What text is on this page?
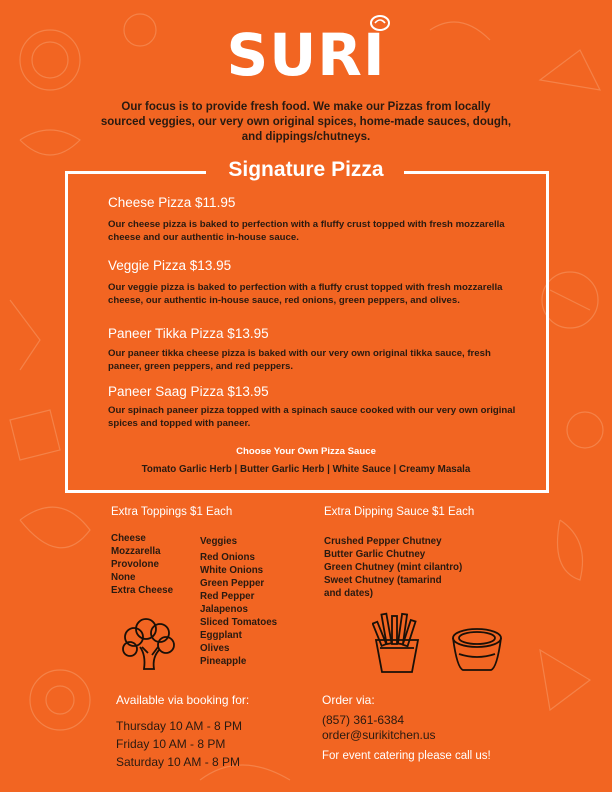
SURI
Our focus is to provide fresh food. We make our Pizzas from locally sourced veggies, our very own original spices, home-made sauces, dough, and dippings/chutneys.
Signature Pizza
Cheese Pizza $11.95
Our cheese pizza is baked to perfection with a fluffy crust topped with fresh mozzarella cheese and our authentic in-house sauce.
Veggie Pizza $13.95
Our veggie pizza is baked to perfection with a fluffy crust topped with fresh mozzarella cheese, our authentic in-house sauce, red onions, green peppers, and olives.
Paneer Tikka Pizza $13.95
Our paneer tikka cheese pizza is baked with our very own original tikka sauce, fresh paneer, green peppers, and red peppers.
Paneer Saag Pizza $13.95
Our spinach paneer pizza topped with a spinach sauce cooked with our very own original spices and topped with paneer.
Choose Your Own Pizza Sauce
Tomato Garlic Herb | Butter Garlic Herb | White Sauce | Creamy Masala
Extra Toppings $1 Each
Cheese
Mozzarella
Provolone
None
Extra Cheese
Veggies
Red Onions
White Onions
Green Pepper
Red Pepper
Jalapenos
Sliced Tomatoes
Eggplant
Olives
Pineapple
Extra Dipping Sauce $1 Each
Crushed Pepper Chutney
Butter Garlic Chutney
Green Chutney (mint cilantro)
Sweet Chutney (tamarind
and dates)
Available via booking for:
Thursday 10 AM - 8 PM
Friday 10 AM - 8 PM
Saturday 10 AM - 8 PM
Order via:
(857) 361-6384
order@surikitchen.us
For event catering please call us!
